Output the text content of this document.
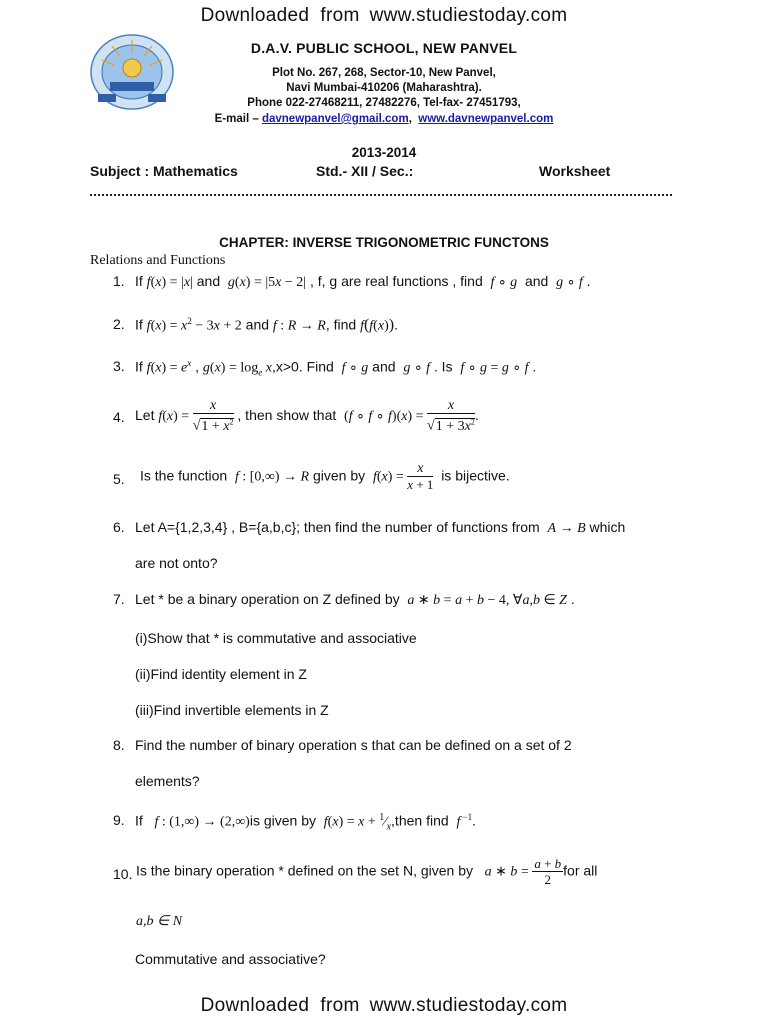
Downloaded  from www.studiestoday.com
D.A.V. PUBLIC SCHOOL, NEW PANVEL
Plot No. 267, 268, Sector-10, New Panvel,
Navi Mumbai-410206 (Maharashtra).
Phone 022-27468211, 27482276, Tel-fax- 27451793,
E-mail – davnewpanvel@gmail.com,  www.davnewpanvel.com
2013-2014
Subject : Mathematics	Std.- XII / Sec.:	Worksheet
CHAPTER: INVERSE TRIGONOMETRIC FUNCTONS
Relations and Functions
1. If f(x) = |x| and g(x) = |5x − 2| , f, g are real functions , find f ∘ g and g ∘ f .
2. If $f(x) = x^2 - 3x + 2$ and f : R → R, find f(f(x)).
3. If $f(x) = e^x$ , $g(x) = \log_e x,x>0$. Find f ∘ g and g ∘ f . Is f ∘ g = g ∘ f .
4. Let $f(x) = \frac{x}{√1 + x^2}$ , then show that (f ∘ f ∘ $f)(x) = \frac{x}{√1 + 3x^2}$ .
5. Is the function f : [0,∞) → R given by $f(x) = \frac{x}{x + 1}$ is bijective.
6. Let A={1,2,3,4} , B={a,b,c}; then find the number of functions from A → B which
are not onto?
7. Let * be a binary operation on Z defined by a ∗ b = a + b − 4, ∀a,b ∈ Z .
(i)Show that * is commutative and associative
(ii)Find identity element in Z
(iii)Find invertible elements in Z
8. Find the number of binary operation s that can be defined on a set of 2
elements?
9. If f : (1,∞) → (2,∞)is given by $f(x) = x + ^1⁄_x,then$ find f $^{-1}$.
10. Is the binary operation * defined on the set N, given by a ∗ $b = \frac{a + b}{2}$ for all
a,b ∈ N
Commutative and associative?
Downloaded  from www.studiestoday.com
